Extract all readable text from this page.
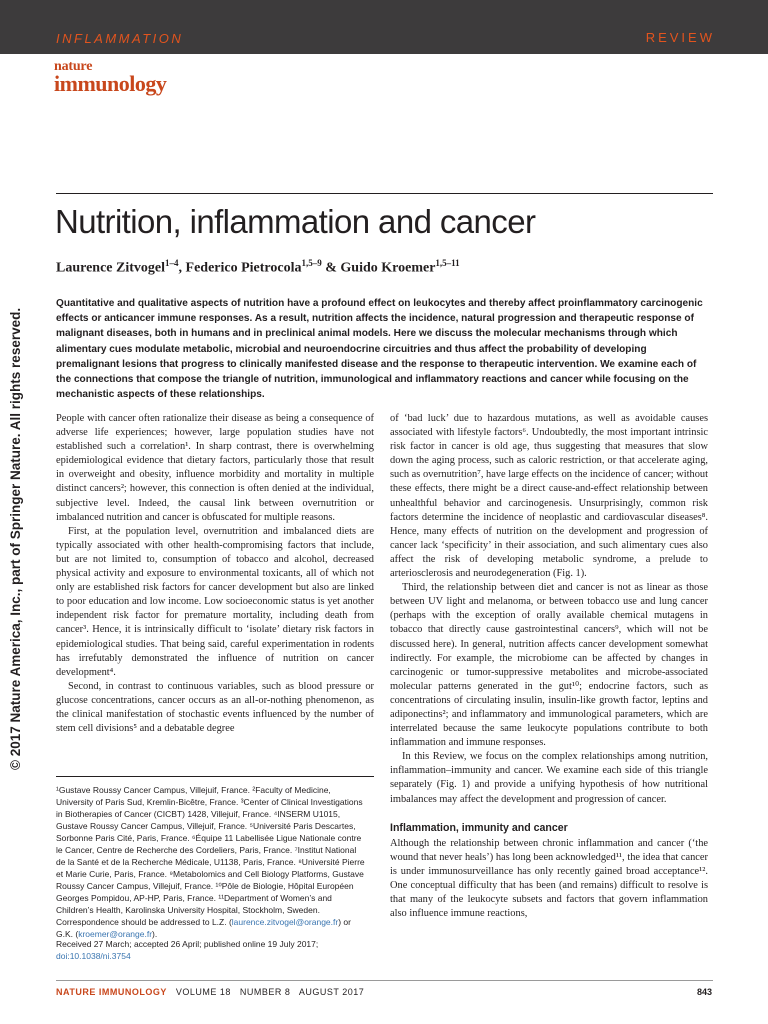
INFLAMMATION	REVIEW
nature
immunology
Nutrition, inflammation and cancer
Laurence Zitvogel$^{1-4}$, Federico Pietrocola$^{1,5-9}$ & Guido Kroemer$^{1,5-11}$
© 2017 Nature America, Inc., part of Springer Nature. All rights reserved.

Quantitative and qualitative aspects of nutrition have a profound effect on leukocytes and thereby affect proinflammatory carcinogenic effects or anticancer immune responses. As a result, nutrition affects the incidence, natural progression and therapeutic response of malignant diseases, both in humans and in preclinical animal models. Here we discuss the molecular mechanisms through which alimentary cues modulate metabolic, microbial and neuroendocrine circuitries and thus affect the probability of developing premalignant lesions that progress to clinically manifested disease and the response to therapeutic intervention. We examine each of the connections that compose the triangle of nutrition, immunological and inflammatory reactions and cancer while focusing on the mechanistic aspects of these relationships.

People with cancer often rationalize their disease as being a consequence of adverse life experiences; however, large population studies have not established such a correlation¹. In sharp contrast, there is overwhelming epidemiological evidence that dietary factors, particularly those that result in overweight and obesity, influence morbidity and mortality in multiple distinct cancers²; however, this connection is often denied at the individual, subjective level. Indeed, the causal link between overnutrition or imbalanced nutrition and cancer is obfuscated for multiple reasons.

First, at the population level, overnutrition and imbalanced diets are typically associated with other health-compromising factors that include, but are not limited to, consumption of tobacco and alcohol, decreased physical activity and exposure to environmental toxicants, all of which not only are established risk factors for cancer development but also are linked to poor education and low income. Low socioeconomic status is yet another independent risk factor for premature mortality, including death from cancer³. Hence, it is intrinsically difficult to ‘isolate’ dietary risk factors in epidemiological studies. That being said, careful experimentation in rodents has irrefutably demonstrated the influence of nutrition on cancer development⁴.

Second, in contrast to continuous variables, such as blood pressure or glucose concentrations, cancer occurs as an all-or-nothing phenomenon, as the clinical manifestation of stochastic events influenced by the number of stem cell divisions⁵ and a debatable degree

¹Gustave Roussy Cancer Campus, Villejuif, France. ²Faculty of Medicine, University of Paris Sud, Kremlin-Bicêtre, France. ³Center of Clinical Investigations in Biotherapies of Cancer (CICBT) 1428, Villejuif, France. ⁴INSERM U1015, Gustave Roussy Cancer Campus, Villejuif, France. ⁵Université Paris Descartes, Sorbonne Paris Cité, Paris, France. ⁶Équipe 11 Labellisée Ligue Nationale contre le Cancer, Centre de Recherche des Cordeliers, Paris, France. ⁷Institut National de la Santé et de la Recherche Médicale, U1138, Paris, France. ⁸Université Pierre et Marie Curie, Paris, France. ⁹Metabolomics and Cell Biology Platforms, Gustave Roussy Cancer Campus, Villejuif, France. ¹⁰Pôle de Biologie, Hôpital Européen Georges Pompidou, AP-HP, Paris, France. ¹¹Department of Women’s and Children’s Health, Karolinska University Hospital, Stockholm, Sweden. Correspondence should be addressed to L.Z. (laurence.zitvogel@orange.fr) or G.K. (kroemer@orange.fr).

Received 27 March; accepted 26 April; published online 19 July 2017;
doi:10.1038/ni.3754

of ‘bad luck’ due to hazardous mutations, as well as avoidable causes associated with lifestyle factors⁶. Undoubtedly, the most important intrinsic risk factor in cancer is old age, thus suggesting that measures that slow down the aging process, such as caloric restriction, or that accelerate aging, such as overnutrition⁷, have large effects on the incidence of cancer; without these effects, there might be a direct cause-and-effect relationship between unhealthful behavior and carcinogenesis. Unsurprisingly, common risk factors determine the incidence of neoplastic and cardiovascular diseases⁸. Hence, many effects of nutrition on the development and progression of cancer lack ‘specificity’ in their association, and such alimentary cues also affect the risk of developing metabolic syndrome, a prelude to arteriosclerosis and neurodegeneration (Fig. 1).

Third, the relationship between diet and cancer is not as linear as those between UV light and melanoma, or between tobacco use and lung cancer (perhaps with the exception of orally available chemical mutagens in tobacco that directly cause gastrointestinal cancers⁹, which will not be discussed here). In general, nutrition affects cancer development somewhat indirectly. For example, the microbiome can be affected by changes in carcinogenic or tumor-suppressive metabolites and microbe-associated molecular patterns generated in the gut¹⁰; endocrine factors, such as concentrations of circulating insulin, insulin-like growth factor, leptins and adiponectins²; and inflammatory and immunological parameters, which are interrelated because the same leukocyte populations contribute to both inflammation and immune responses.

In this Review, we focus on the complex relationships among nutrition, inflammation–immunity and cancer. We examine each side of this triangle separately (Fig. 1) and provide a unifying hypothesis of how nutritional imbalances may affect the development and progression of cancer.

Inflammation, immunity and cancer

Although the relationship between chronic inflammation and cancer (‘the wound that never heals’) has long been acknowledged¹¹, the idea that cancer is under immunosurveillance has only recently gained broad acceptance¹². One conceptual difficulty that has been (and remains) difficult to resolve is that many of the leukocyte subsets and factors that govern inflammation also influence immune reactions,

NATURE IMMUNOLOGY VOLUME 18 NUMBER 8 AUGUST 2017	843
